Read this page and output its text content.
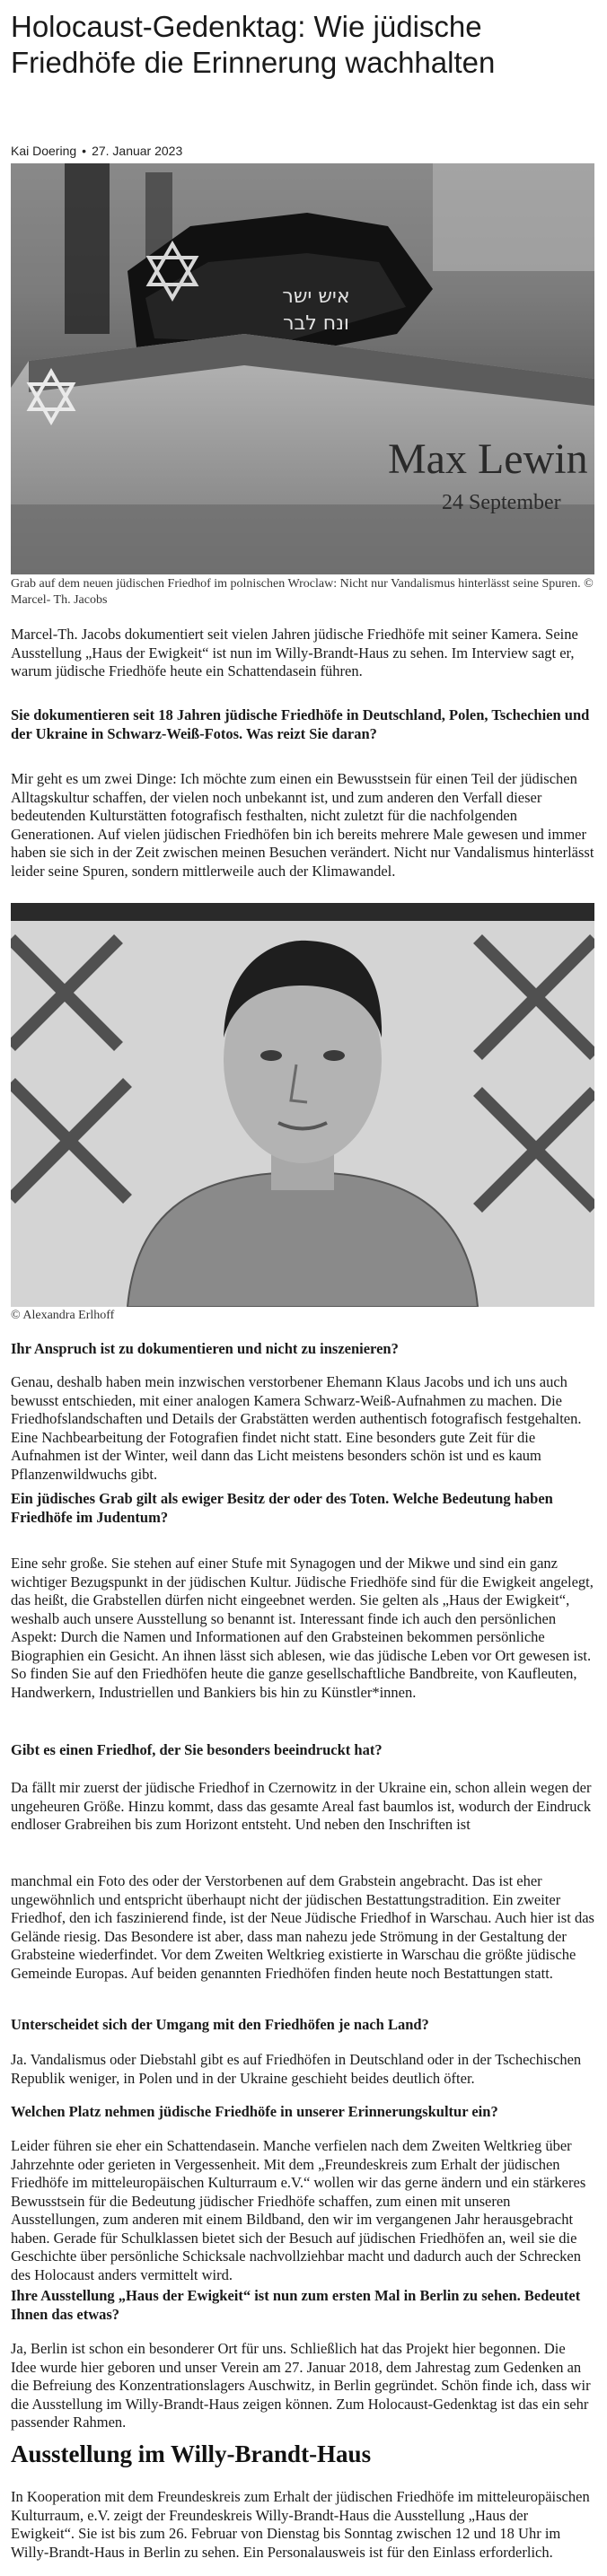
Holocaust-Gedenktag: Wie jüdische Friedhöfe die Erinnerung wachhalten
Kai Doering • 27. Januar 2023
איש ישר
ונח לבר
Max Lewin
24 September
Grab auf dem neuen jüdischen Friedhof im polnischen Wroclaw: Nicht nur Vandalismus hinterlässt seine Spuren. © Marcel- Th. Jacobs

Marcel-Th. Jacobs dokumentiert seit vielen Jahren jüdische Friedhöfe mit seiner Kamera. Seine Ausstellung „Haus der Ewigkeit“ ist nun im Willy-Brandt-Haus zu sehen. Im Interview sagt er, warum jüdische Friedhöfe heute ein Schattendasein führen.

Sie dokumentieren seit 18 Jahren jüdische Friedhöfe in Deutschland, Polen, Tschechien und der Ukraine in Schwarz-Weiß-Fotos. Was reizt Sie daran?

Mir geht es um zwei Dinge: Ich möchte zum einen ein Bewusstsein für einen Teil der jüdischen Alltagskultur schaffen, der vielen noch unbekannt ist, und zum anderen den Verfall dieser bedeutenden Kulturstätten fotografisch festhalten, nicht zuletzt für die nachfolgenden Generationen. Auf vielen jüdischen Friedhöfen bin ich bereits mehrere Male gewesen und immer haben sie sich in der Zeit zwischen meinen Besuchen verändert. Nicht nur Vandalismus hinterlässt leider seine Spuren, sondern mittlerweile auch der Klimawandel.

© Alexandra Erlhoff

Ihr Anspruch ist zu dokumentieren und nicht zu inszenieren?

Genau, deshalb haben mein inzwischen verstorbener Ehemann Klaus Jacobs und ich uns auch bewusst entschieden, mit einer analogen Kamera Schwarz-Weiß-Aufnahmen zu machen. Die Friedhofslandschaften und Details der Grabstätten werden authentisch fotografisch festgehalten. Eine Nachbearbeitung der Fotografien findet nicht statt. Eine besonders gute Zeit für die Aufnahmen ist der Winter, weil dann das Licht meistens besonders schön ist und es kaum Pflanzenwildwuchs gibt.

Ein jüdisches Grab gilt als ewiger Besitz der oder des Toten. Welche Bedeutung haben Friedhöfe im Judentum?

Eine sehr große. Sie stehen auf einer Stufe mit Synagogen und der Mikwe und sind ein ganz wichtiger Bezugspunkt in der jüdischen Kultur. Jüdische Friedhöfe sind für die Ewigkeit angelegt, das heißt, die Grabstellen dürfen nicht eingeebnet werden. Sie gelten als „Haus der Ewigkeit“, weshalb auch unsere Ausstellung so benannt ist. Interessant finde ich auch den persönlichen Aspekt: Durch die Namen und Informationen auf den Grabsteinen bekommen persönliche Biographien ein Gesicht. An ihnen lässt sich ablesen, wie das jüdische Leben vor Ort gewesen ist. So finden Sie auf den Friedhöfen heute die ganze gesellschaftliche Bandbreite, von Kaufleuten, Handwerkern, Industriellen und Bankiers bis hin zu Künstler*innen.

Gibt es einen Friedhof, der Sie besonders beeindruckt hat?

Da fällt mir zuerst der jüdische Friedhof in Czernowitz in der Ukraine ein, schon allein wegen der ungeheuren Größe. Hinzu kommt, dass das gesamte Areal fast baumlos ist, wodurch der Eindruck endloser Grabreihen bis zum Horizont entsteht. Und neben den Inschriften ist

manchmal ein Foto des oder der Verstorbenen auf dem Grabstein angebracht. Das ist eher ungewöhnlich und entspricht überhaupt nicht der jüdischen Bestattungstradition. Ein zweiter Friedhof, den ich faszinierend finde, ist der Neue Jüdische Friedhof in Warschau. Auch hier ist das Gelände riesig. Das Besondere ist aber, dass man nahezu jede Strömung in der Gestaltung der Grabsteine wiederfindet. Vor dem Zweiten Weltkrieg existierte in Warschau die größte jüdische Gemeinde Europas. Auf beiden genannten Friedhöfen finden heute noch Bestattungen statt.

Unterscheidet sich der Umgang mit den Friedhöfen je nach Land?

Ja. Vandalismus oder Diebstahl gibt es auf Friedhöfen in Deutschland oder in der Tschechischen Republik weniger, in Polen und in der Ukraine geschieht beides deutlich öfter.

Welchen Platz nehmen jüdische Friedhöfe in unserer Erinnerungskultur ein?

Leider führen sie eher ein Schattendasein. Manche verfielen nach dem Zweiten Weltkrieg über Jahrzehnte oder gerieten in Vergessenheit. Mit dem „Freundeskreis zum Erhalt der jüdischen Friedhöfe im mitteleuropäischen Kulturraum e.V.“ wollen wir das gerne ändern und ein stärkeres Bewusstsein für die Bedeutung jüdischer Friedhöfe schaffen, zum einen mit unseren Ausstellungen, zum anderen mit einem Bildband, den wir im vergangenen Jahr herausgebracht haben. Gerade für Schulklassen bietet sich der Besuch auf jüdischen Friedhöfen an, weil sie die Geschichte über persönliche Schicksale nachvollziehbar macht und dadurch auch der Schrecken des Holocaust anders vermittelt wird.

Ihre Ausstellung „Haus der Ewigkeit“ ist nun zum ersten Mal in Berlin zu sehen. Bedeutet Ihnen das etwas?

Ja, Berlin ist schon ein besonderer Ort für uns. Schließlich hat das Projekt hier begonnen. Die Idee wurde hier geboren und unser Verein am 27. Januar 2018, dem Jahrestag zum Gedenken an die Befreiung des Konzentrationslagers Auschwitz, in Berlin gegründet. Schön finde ich, dass wir die Ausstellung im Willy-Brandt-Haus zeigen können. Zum Holocaust-Gedenktag ist das ein sehr passender Rahmen.

Ausstellung im Willy-Brandt-Haus

In Kooperation mit dem Freundeskreis zum Erhalt der jüdischen Friedhöfe im mitteleuropäischen Kulturraum, e.V. zeigt der Freundeskreis Willy-Brandt-Haus die Ausstellung „Haus der Ewigkeit“. Sie ist bis zum 26. Februar von Dienstag bis Sonntag zwischen 12 und 18 Uhr im Willy-Brandt-Haus in Berlin zu sehen. Ein Personalausweis ist für den Einlass erforderlich.
